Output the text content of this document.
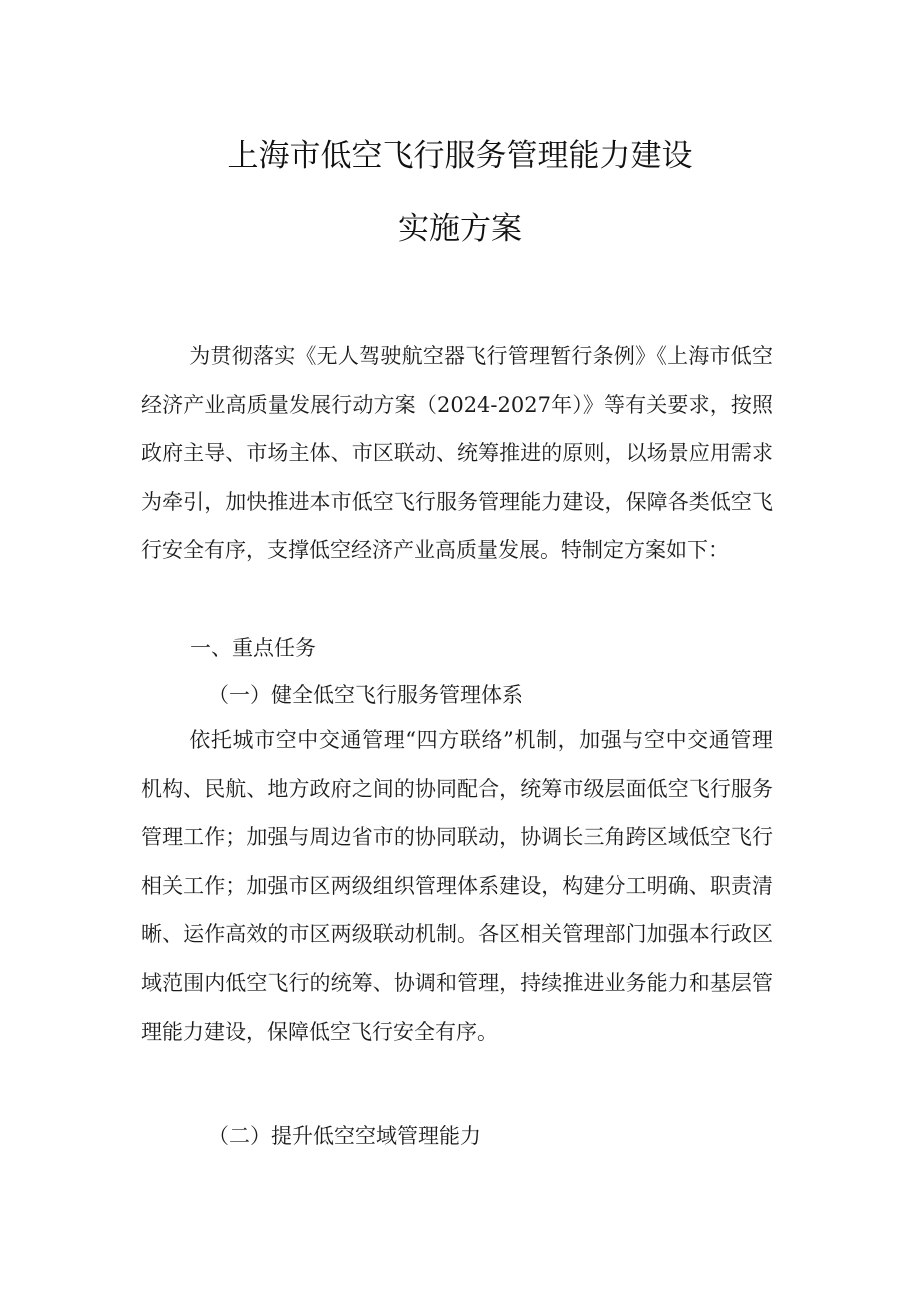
上海市低空飞行服务管理能力建设
实施方案

为贯彻落实《无人驾驶航空器飞行管理暂行条例》《上海市低空经济产业高质量发展行动方案（2024-2027年）》等有关要求，按照政府主导、市场主体、市区联动、统筹推进的原则，以场景应用需求为牵引，加快推进本市低空飞行服务管理能力建设，保障各类低空飞行安全有序，支撑低空经济产业高质量发展。特制定方案如下：

一、重点任务

（一）健全低空飞行服务管理体系

依托城市空中交通管理“四方联络”机制，加强与空中交通管理机构、民航、地方政府之间的协同配合，统筹市级层面低空飞行服务管理工作；加强与周边省市的协同联动，协调长三角跨区域低空飞行相关工作；加强市区两级组织管理体系建设，构建分工明确、职责清晰、运作高效的市区两级联动机制。各区相关管理部门加强本行政区域范围内低空飞行的统筹、协调和管理，持续推进业务能力和基层管理能力建设，保障低空飞行安全有序。

（二）提升低空空域管理能力
